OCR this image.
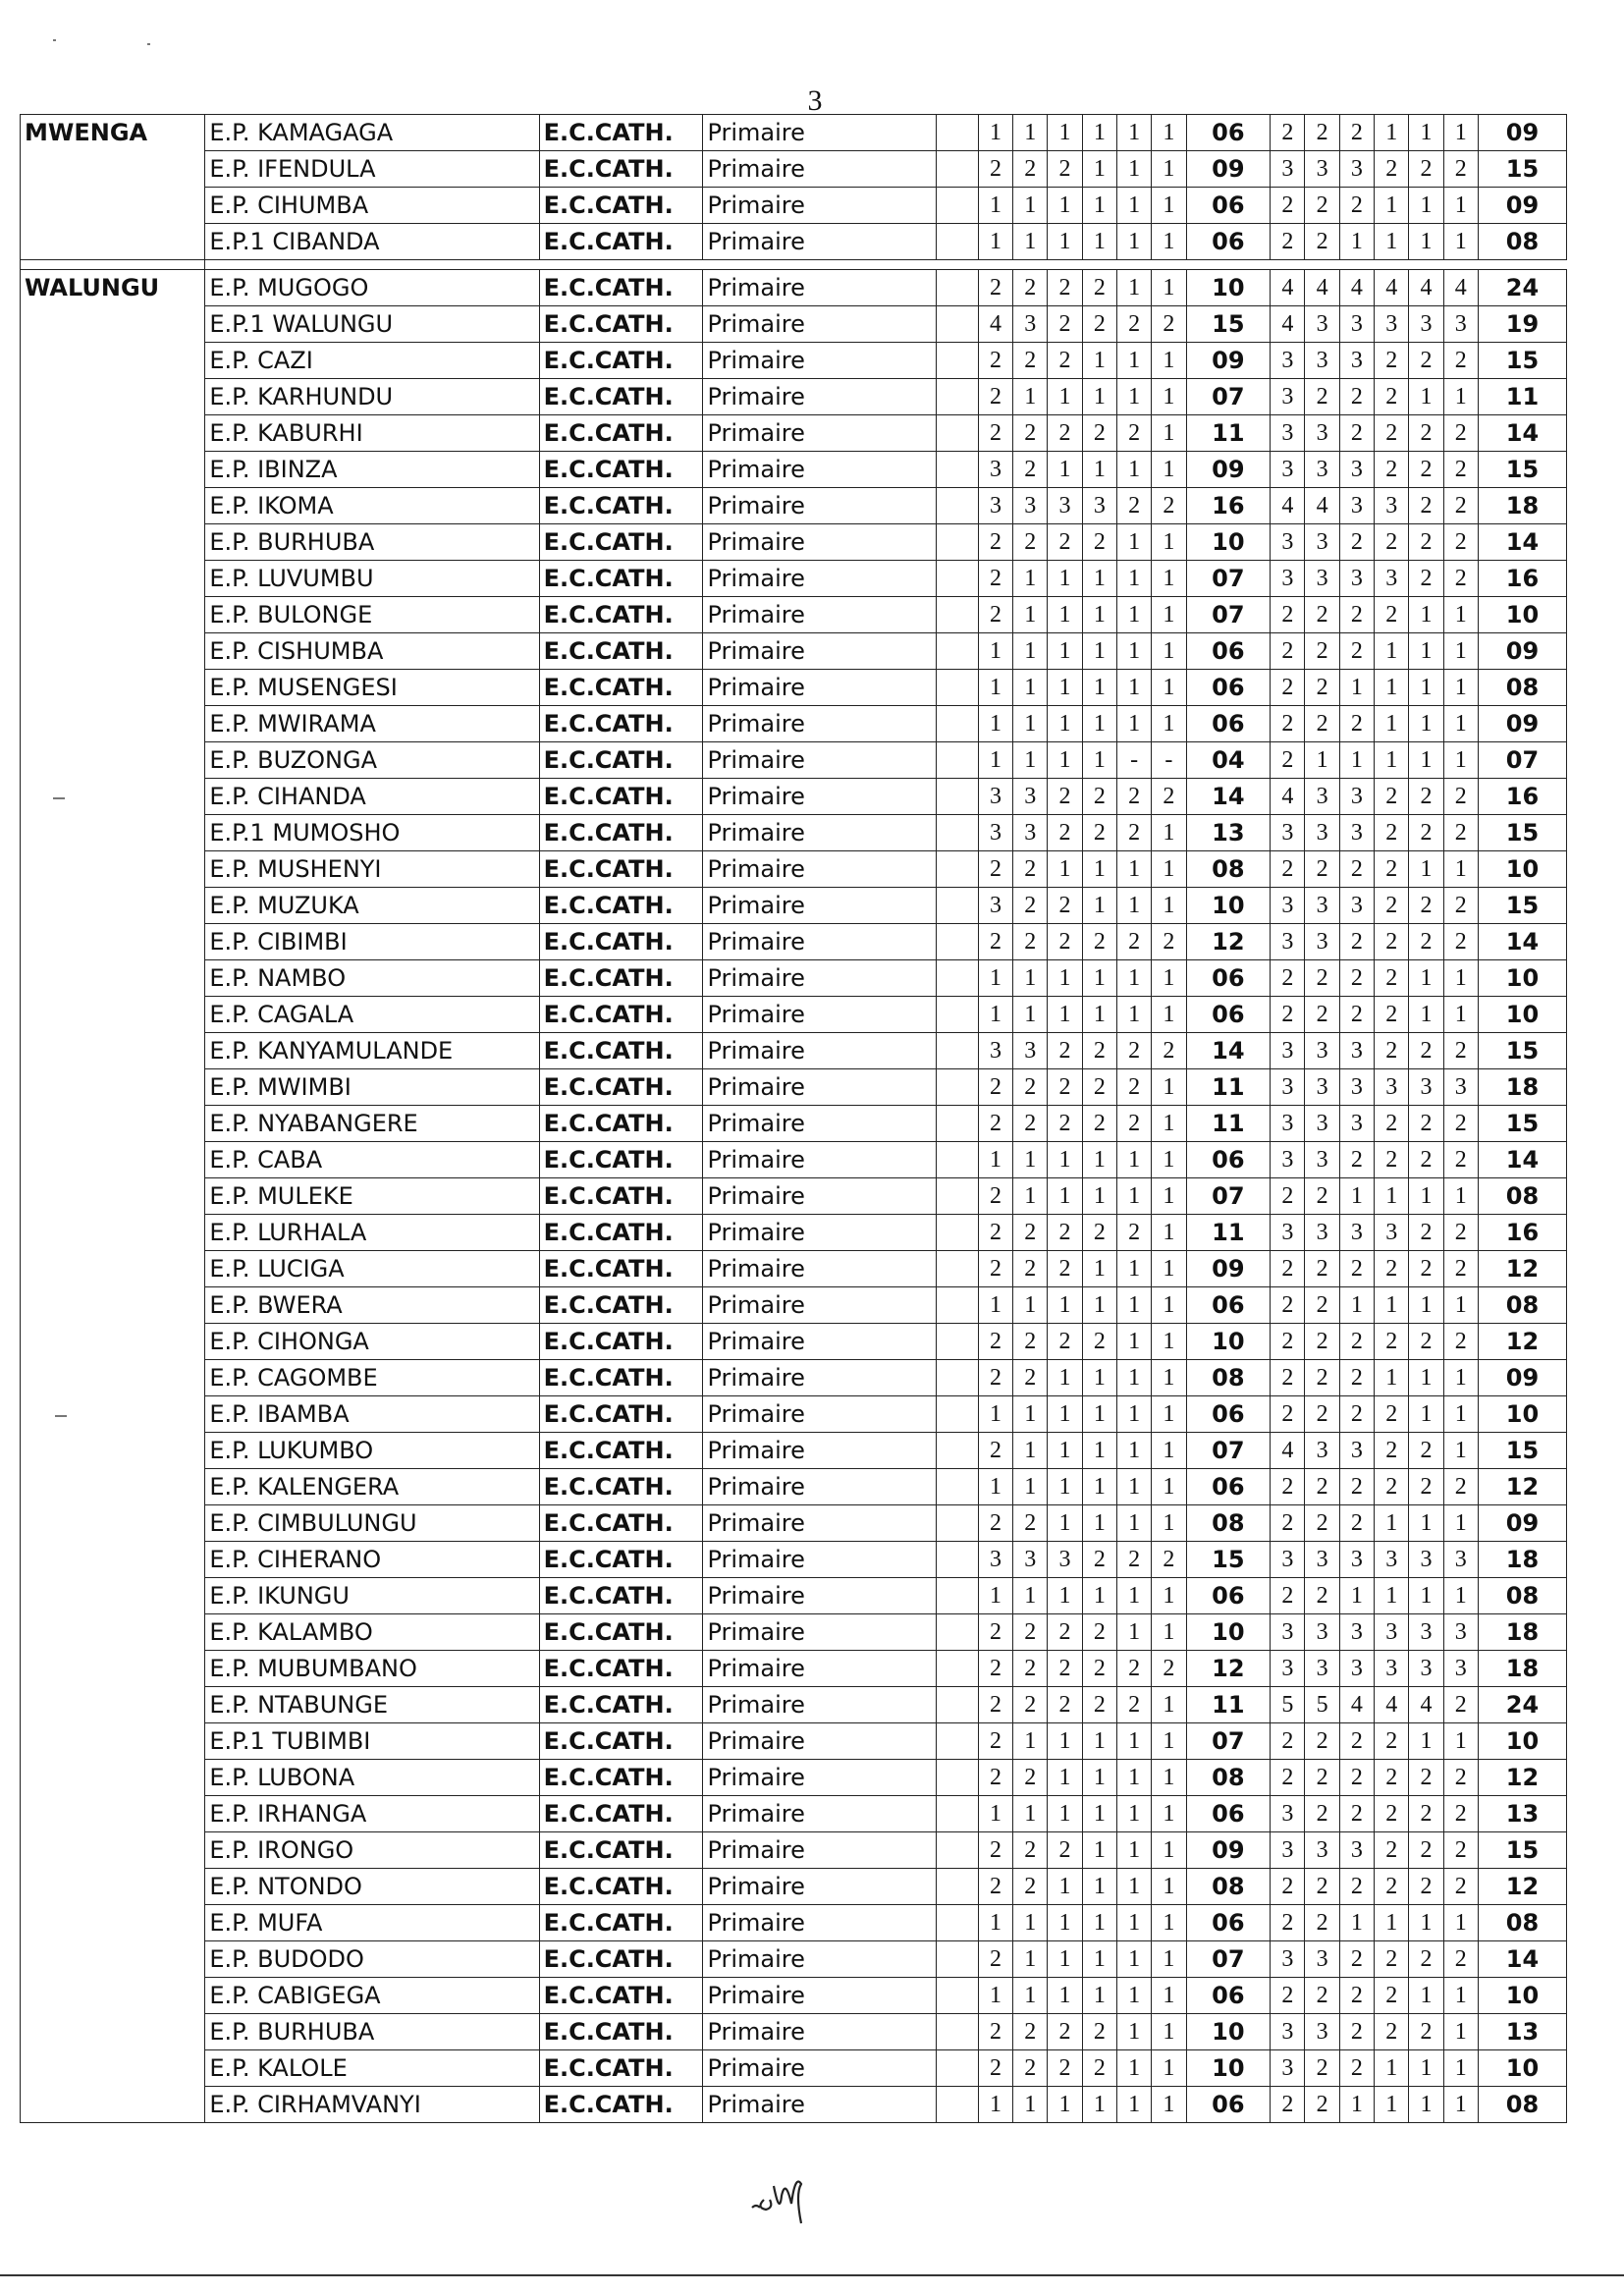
3
MWENGA	E.P. KAMAGAGA	E.C.CATH.	Primaire		1	1	1	1	1	1	06	2	2	2	1	1	1	09
	E.P. IFENDULA	E.C.CATH.	Primaire		2	2	2	1	1	1	09	3	3	3	2	2	2	15
	E.P. CIHUMBA	E.C.CATH.	Primaire		1	1	1	1	1	1	06	2	2	2	1	1	1	09
	E.P.1 CIBANDA	E.C.CATH.	Primaire		1	1	1	1	1	1	06	2	2	1	1	1	1	08

WALUNGU	E.P. MUGOGO	E.C.CATH.	Primaire		2	2	2	2	1	1	10	4	4	4	4	4	4	24
	E.P.1 WALUNGU	E.C.CATH.	Primaire		4	3	2	2	2	2	15	4	3	3	3	3	3	19
	E.P. CAZI	E.C.CATH.	Primaire		2	2	2	1	1	1	09	3	3	3	2	2	2	15
	E.P. KARHUNDU	E.C.CATH.	Primaire		2	1	1	1	1	1	07	3	2	2	2	1	1	11
	E.P. KABURHI	E.C.CATH.	Primaire		2	2	2	2	2	1	11	3	3	2	2	2	2	14
	E.P. IBINZA	E.C.CATH.	Primaire		3	2	1	1	1	1	09	3	3	3	2	2	2	15
	E.P. IKOMA	E.C.CATH.	Primaire		3	3	3	3	2	2	16	4	4	3	3	2	2	18
	E.P. BURHUBA	E.C.CATH.	Primaire		2	2	2	2	1	1	10	3	3	2	2	2	2	14
	E.P. LUVUMBU	E.C.CATH.	Primaire		2	1	1	1	1	1	07	3	3	3	3	2	2	16
	E.P. BULONGE	E.C.CATH.	Primaire		2	1	1	1	1	1	07	2	2	2	2	1	1	10
	E.P. CISHUMBA	E.C.CATH.	Primaire		1	1	1	1	1	1	06	2	2	2	1	1	1	09
	E.P. MUSENGESI	E.C.CATH.	Primaire		1	1	1	1	1	1	06	2	2	1	1	1	1	08
	E.P. MWIRAMA	E.C.CATH.	Primaire		1	1	1	1	1	1	06	2	2	2	1	1	1	09
	E.P. BUZONGA	E.C.CATH.	Primaire		1	1	1	1	-	-	04	2	1	1	1	1	1	07
	E.P. CIHANDA	E.C.CATH.	Primaire		3	3	2	2	2	2	14	4	3	3	2	2	2	16
	E.P.1 MUMOSHO	E.C.CATH.	Primaire		3	3	2	2	2	1	13	3	3	3	2	2	2	15
	E.P. MUSHENYI	E.C.CATH.	Primaire		2	2	1	1	1	1	08	2	2	2	2	1	1	10
	E.P. MUZUKA	E.C.CATH.	Primaire		3	2	2	1	1	1	10	3	3	3	2	2	2	15
	E.P. CIBIMBI	E.C.CATH.	Primaire		2	2	2	2	2	2	12	3	3	2	2	2	2	14
	E.P. NAMBO	E.C.CATH.	Primaire		1	1	1	1	1	1	06	2	2	2	2	1	1	10
	E.P. CAGALA	E.C.CATH.	Primaire		1	1	1	1	1	1	06	2	2	2	2	1	1	10
	E.P. KANYAMULANDE	E.C.CATH.	Primaire		3	3	2	2	2	2	14	3	3	3	2	2	2	15
	E.P. MWIMBI	E.C.CATH.	Primaire		2	2	2	2	2	1	11	3	3	3	3	3	3	18
	E.P. NYABANGERE	E.C.CATH.	Primaire		2	2	2	2	2	1	11	3	3	3	2	2	2	15
	E.P. CABA	E.C.CATH.	Primaire		1	1	1	1	1	1	06	3	3	2	2	2	2	14
	E.P. MULEKE	E.C.CATH.	Primaire		2	1	1	1	1	1	07	2	2	1	1	1	1	08
	E.P. LURHALA	E.C.CATH.	Primaire		2	2	2	2	2	1	11	3	3	3	3	2	2	16
	E.P. LUCIGA	E.C.CATH.	Primaire		2	2	2	1	1	1	09	2	2	2	2	2	2	12
	E.P. BWERA	E.C.CATH.	Primaire		1	1	1	1	1	1	06	2	2	1	1	1	1	08
	E.P. CIHONGA	E.C.CATH.	Primaire		2	2	2	2	1	1	10	2	2	2	2	2	2	12
	E.P. CAGOMBE	E.C.CATH.	Primaire		2	2	1	1	1	1	08	2	2	2	1	1	1	09
	E.P. IBAMBA	E.C.CATH.	Primaire		1	1	1	1	1	1	06	2	2	2	2	1	1	10
	E.P. LUKUMBO	E.C.CATH.	Primaire		2	1	1	1	1	1	07	4	3	3	2	2	1	15
	E.P. KALENGERA	E.C.CATH.	Primaire		1	1	1	1	1	1	06	2	2	2	2	2	2	12
	E.P. CIMBULUNGU	E.C.CATH.	Primaire		2	2	1	1	1	1	08	2	2	2	1	1	1	09
	E.P. CIHERANO	E.C.CATH.	Primaire		3	3	3	2	2	2	15	3	3	3	3	3	3	18
	E.P. IKUNGU	E.C.CATH.	Primaire		1	1	1	1	1	1	06	2	2	1	1	1	1	08
	E.P. KALAMBO	E.C.CATH.	Primaire		2	2	2	2	1	1	10	3	3	3	3	3	3	18
	E.P. MUBUMBANO	E.C.CATH.	Primaire		2	2	2	2	2	2	12	3	3	3	3	3	3	18
	E.P. NTABUNGE	E.C.CATH.	Primaire		2	2	2	2	2	1	11	5	5	4	4	4	2	24
	E.P.1 TUBIMBI	E.C.CATH.	Primaire		2	1	1	1	1	1	07	2	2	2	2	1	1	10
	E.P. LUBONA	E.C.CATH.	Primaire		2	2	1	1	1	1	08	2	2	2	2	2	2	12
	E.P. IRHANGA	E.C.CATH.	Primaire		1	1	1	1	1	1	06	3	2	2	2	2	2	13
	E.P. IRONGO	E.C.CATH.	Primaire		2	2	2	1	1	1	09	3	3	3	2	2	2	15
	E.P. NTONDO	E.C.CATH.	Primaire		2	2	1	1	1	1	08	2	2	2	2	2	2	12
	E.P. MUFA	E.C.CATH.	Primaire		1	1	1	1	1	1	06	2	2	1	1	1	1	08
	E.P. BUDODO	E.C.CATH.	Primaire		2	1	1	1	1	1	07	3	3	2	2	2	2	14
	E.P. CABIGEGA	E.C.CATH.	Primaire		1	1	1	1	1	1	06	2	2	2	2	1	1	10
	E.P. BURHUBA	E.C.CATH.	Primaire		2	2	2	2	1	1	10	3	3	2	2	2	1	13
	E.P. KALOLE	E.C.CATH.	Primaire		2	2	2	2	1	1	10	3	2	2	1	1	1	10
	E.P. CIRHAMVANYI	E.C.CATH.	Primaire		1	1	1	1	1	1	06	2	2	1	1	1	1	08
